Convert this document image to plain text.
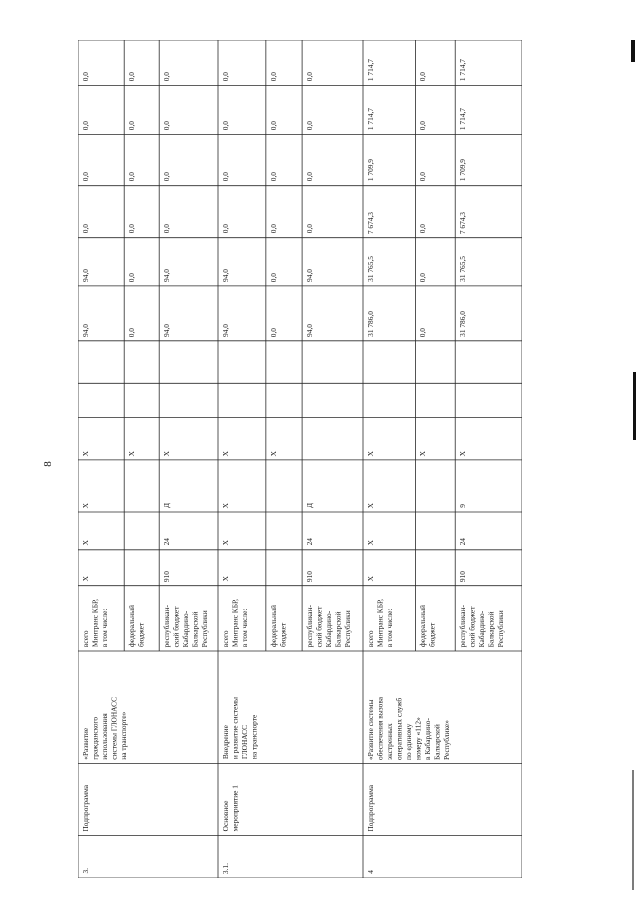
8
3.
Подпрограмма
«Развитие
гражданского
использования
системы ГЛОНАСС
на транспорте»
всего
Минтранс КБР,
в том числе:
X
X
X
X
94,0
94,0
0,0
0,0
0,0
0,0
федеральный
бюджет
X
0,0
0,0
0,0
0,0
0,0
0,0
республикан-
ский бюджет
Кабардино-
Балкарской
Республики
910
24
Д
X
94,0
94,0
0,0
0,0
0,0
0,0
3.1.
Основное
мероприятие 1
Внедрение
и развитие системы
ГЛОНАСС
на транспорте
всего
Минтранс КБР,
в том числе:
X
X
X
X
94,0
94,0
0,0
0,0
0,0
0,0
федеральный
бюджет
X
0,0
0,0
0,0
0,0
0,0
0,0
республикан-
ский бюджет
Кабардино-
Балкарской
Республики
910
24
Д
94,0
94,0
0,0
0,0
0,0
0,0
4
Подпрограмма
«Развитие системы
обеспечения вызова
экстренных
оперативных служб
по единому
номеру «112»
в Кабардино-
Балкарской
Республике»
всего
Минтранс КБР,
в том числе:
X
X
X
X
31 786,0
31 765,5
7 674,3
1 709,9
1 714,7
1 714,7
федеральный
бюджет
X
0,0
0,0
0,0
0,0
0,0
0,0
республикан-
ский бюджет
Кабардино-
Балкарской
Республики
910
24
9
X
31 786,0
31 765,5
7 674,3
1 709,9
1 714,7
1 714,7
